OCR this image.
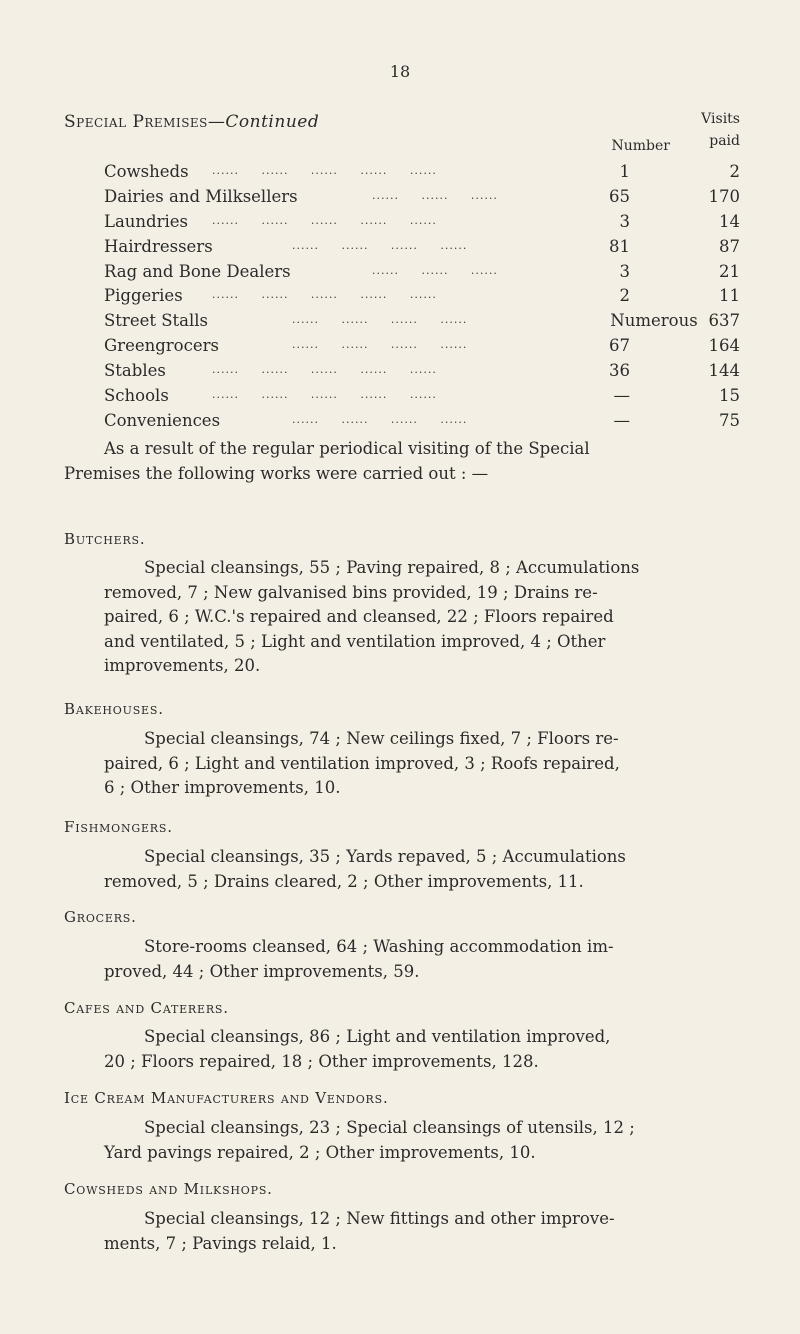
18
Special Premises—Continued
Number
Visits
paid
Cowsheds ......     ......     ......     ......     ......	1	2
Dairies and Milksellers	......     ......     ......	65	170
Laundries ......     ......     ......     ......     ......	3	14
Hairdressers	......     ......     ......     ......	81	87
Rag and Bone Dealers	......     ......     ......	3	21
Piggeries	......     ......     ......     ......     ......	2	11
Street Stalls	......     ......     ......     ......	Numerous 637
Greengrocers	......     ......     ......     ......	67	164
Stables	......     ......     ......     ......     ......	36	144
Schools	......     ......     ......     ......     ......	—	15
Conveniences	......     ......     ......     ......	—	75
As a result of the regular periodical visiting of the Special
Premises the following works were carried out : —
Butchers.
Special cleansings, 55 ; Paving repaired, 8 ; Accumulations
removed, 7 ; New galvanised bins provided, 19 ; Drains re-
paired, 6 ; W.C.'s repaired and cleansed, 22 ; Floors repaired
and ventilated, 5 ; Light and ventilation improved, 4 ; Other
improvements, 20.
Bakehouses.
Special cleansings, 74 ; New ceilings fixed, 7 ; Floors re-
paired, 6 ; Light and ventilation improved, 3 ; Roofs repaired,
6 ; Other improvements, 10.
Fishmongers.
Special cleansings, 35 ; Yards repaved, 5 ; Accumulations
removed, 5 ; Drains cleared, 2 ; Other improvements, 11.
Grocers.
Store-rooms cleansed, 64 ; Washing accommodation im-
proved, 44 ; Other improvements, 59.
Cafes and Caterers.
Special cleansings, 86 ; Light and ventilation improved,
20 ; Floors repaired, 18 ; Other improvements, 128.
Ice Cream Manufacturers and Vendors.
Special cleansings, 23 ; Special cleansings of utensils, 12 ;
Yard pavings repaired, 2 ; Other improvements, 10.
Cowsheds and Milkshops.
Special cleansings, 12 ; New fittings and other improve-
ments, 7 ; Pavings relaid, 1.
